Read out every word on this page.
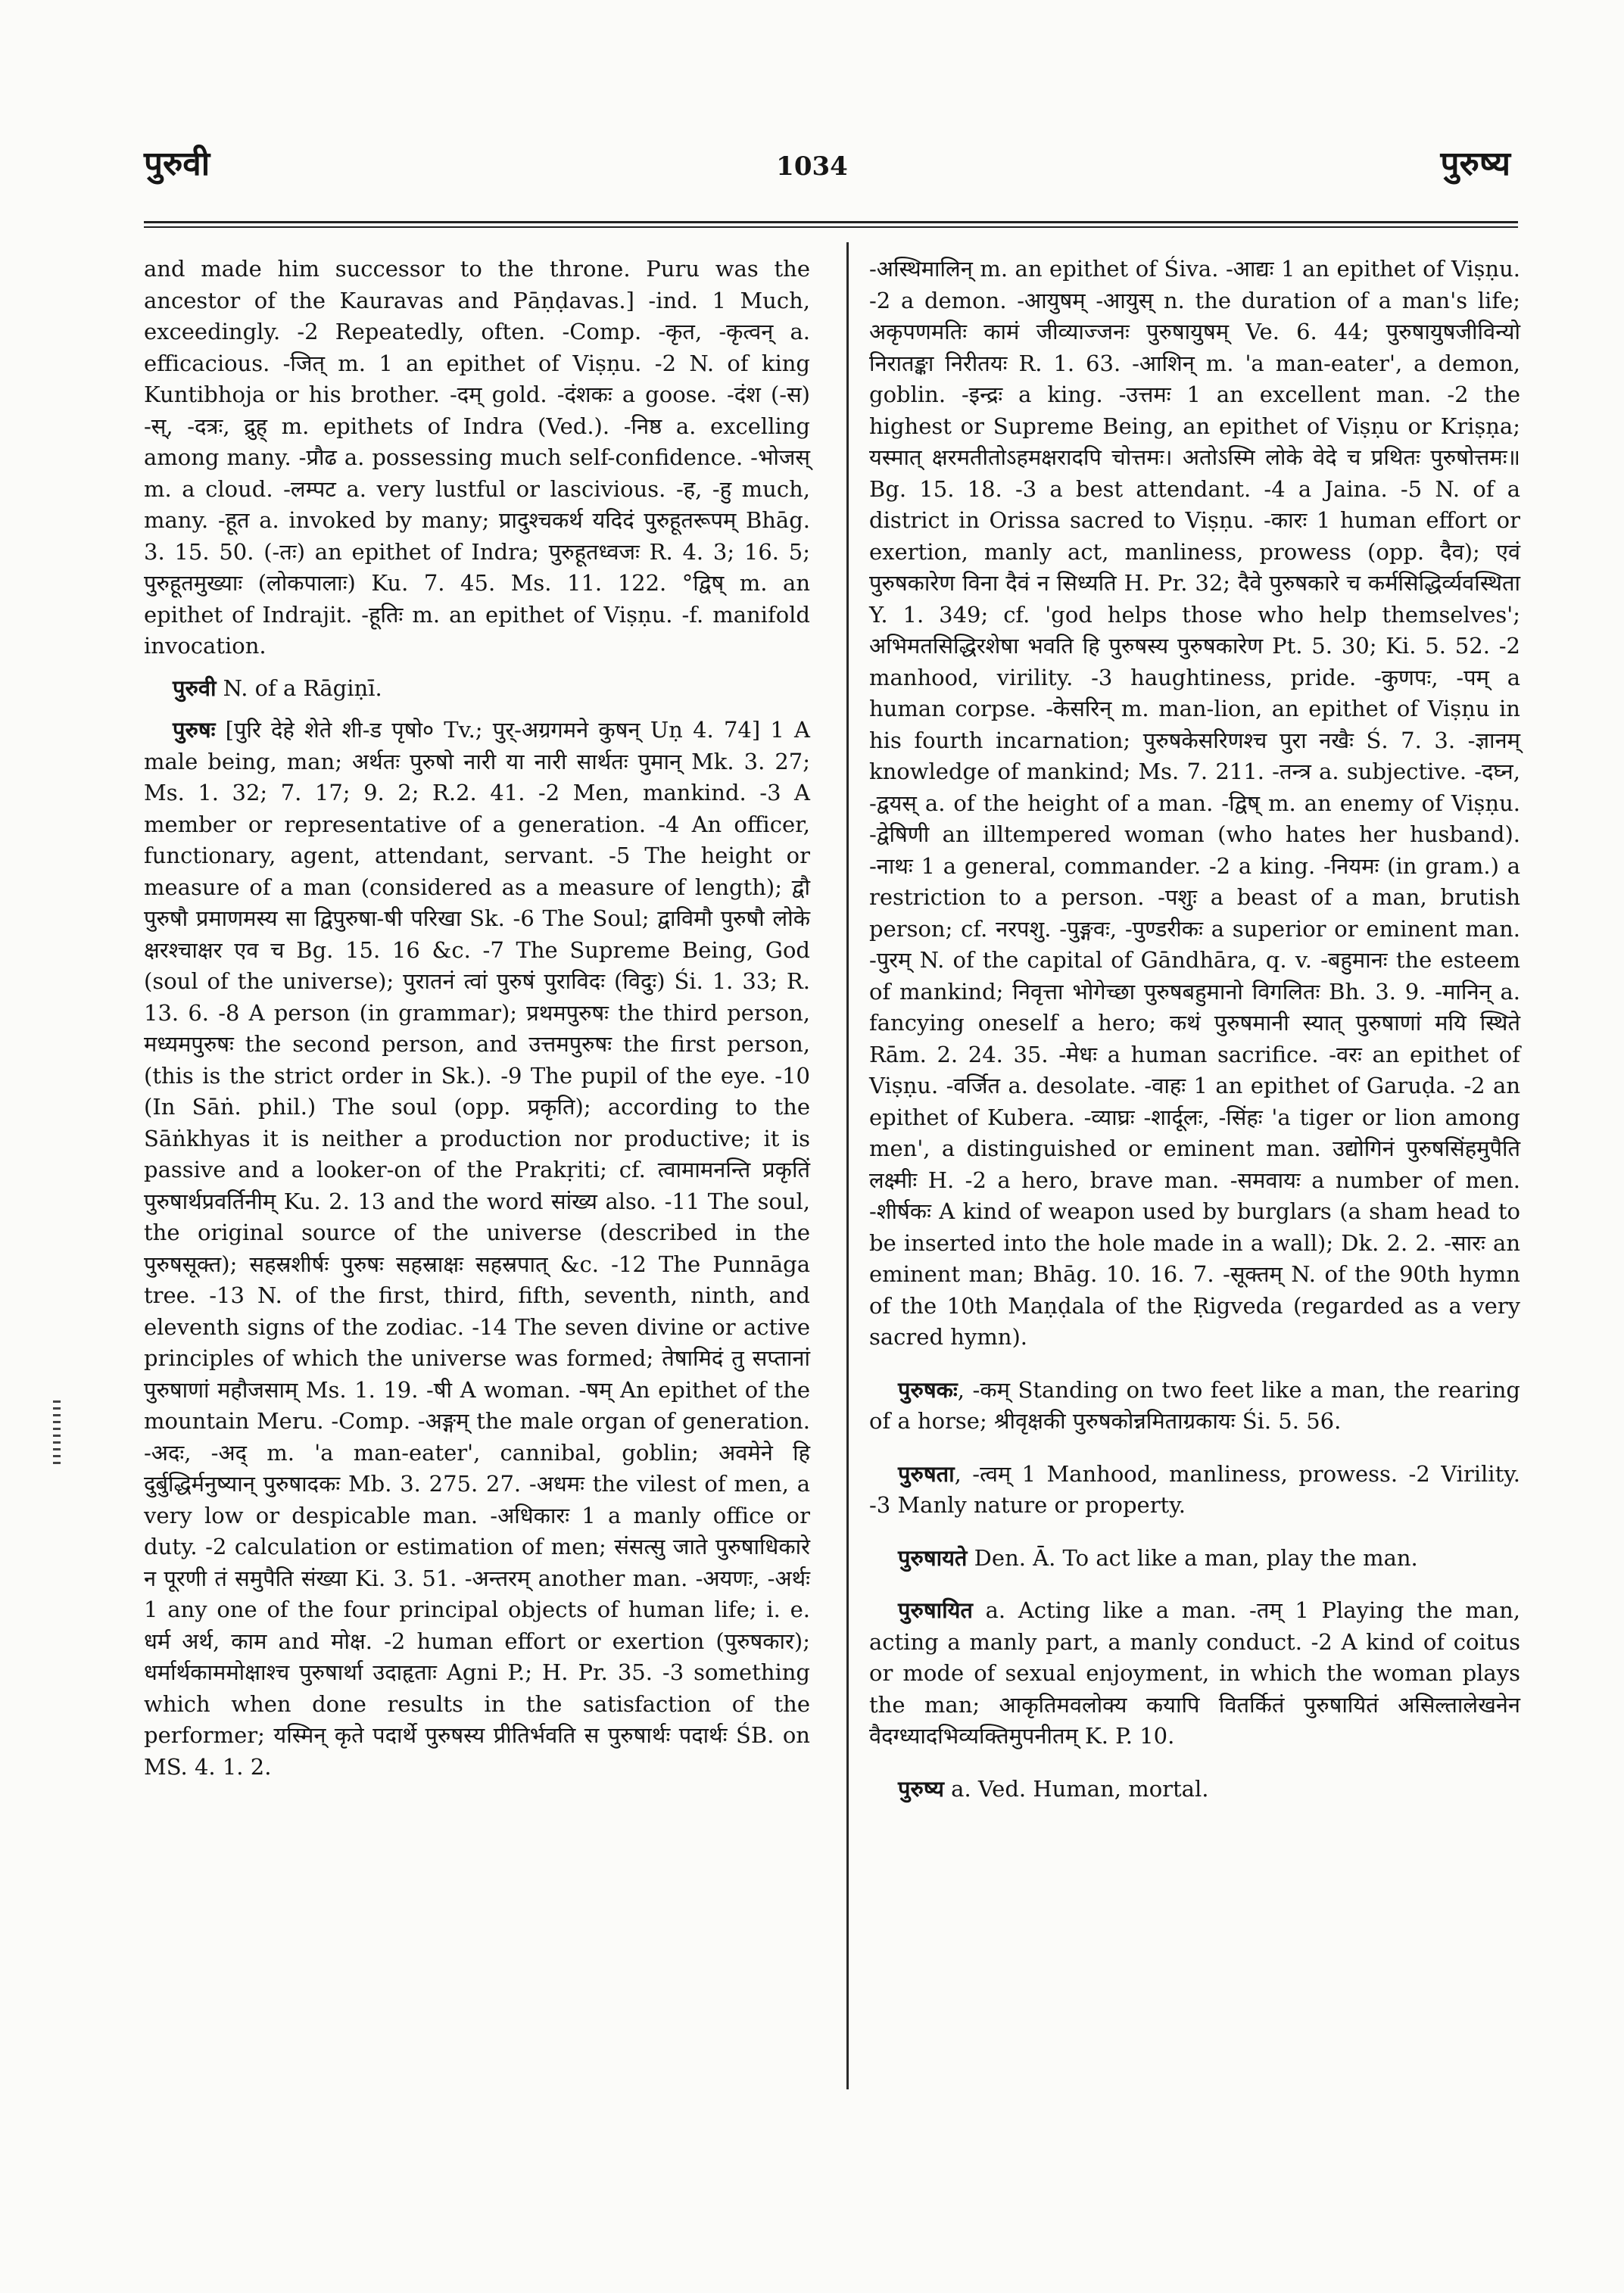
पुरुवी	1034	पुरुष्य

and made him successor to the throne. Puru was the ancestor of the Kauravas and Pāṇḍavas.] -ind. 1 Much, exceedingly. -2 Repeatedly, often. -Comp. -कृत, -कृत्वन् a. efficacious. -जित् m. 1 an epithet of Viṣṇu. -2 N. of king Kuntibhoja or his brother. -दम् gold. -दंशकः a goose. -दंश (-स) -स्, -दत्रः, द्रुह् m. epithets of Indra (Ved.). -निष्ठ a. excelling among many. -प्रौढ a. possessing much self-confidence. -भोजस् m. a cloud. -लम्पट a. very lustful or lascivious. -ह, -हु much, many. -हूत a. invoked by many; प्रादुश्चकर्थ यदिदं पुरुहूतरूपम् Bhāg. 3. 15. 50. (-तः) an epithet of Indra; पुरुहूतध्वजः R. 4. 3; 16. 5; पुरुहूतमुख्याः (लोकपालाः) Ku. 7. 45. Ms. 11. 122. °द्विष् m. an epithet of Indrajit. -हूतिः m. an epithet of Viṣṇu. -f. manifold invocation.

पुरुवी N. of a Rāgiṇī.

पुरुषः [पुरि देहे शेते शी-ड पृषो० Tv.; पुर्-अग्रगमने कुषन् Uṇ 4. 74] 1 A male being, man; अर्थतः पुरुषो नारी या नारी सार्थतः पुमान् Mk. 3. 27; Ms. 1. 32; 7. 17; 9. 2; R.2. 41. -2 Men, mankind. -3 A member or representative of a generation. -4 An officer, functionary, agent, attendant, servant. -5 The height or measure of a man (considered as a measure of length); द्वौ पुरुषौ प्रमाणमस्य सा द्विपुरुषा-षी परिखा Sk. -6 The Soul; द्वाविमौ पुरुषौ लोके क्षरश्चाक्षर एव च Bg. 15. 16 &c. -7 The Supreme Being, God (soul of the universe); पुरातनं त्वां पुरुषं पुराविदः (विदुः) Śi. 1. 33; R. 13. 6. -8 A person (in grammar); प्रथमपुरुषः the third person, मध्यमपुरुषः the second person, and उत्तमपुरुषः the first person, (this is the strict order in Sk.). -9 The pupil of the eye. -10 (In Sāṅ. phil.) The soul (opp. प्रकृति); according to the Sāṅkhyas it is neither a production nor productive; it is passive and a looker-on of the Prakṛiti; cf. त्वामामनन्ति प्रकृतिं पुरुषार्थप्रवर्तिनीम् Ku. 2. 13 and the word सांख्य also. -11 The soul, the original source of the universe (described in the पुरुषसूक्त); सहस्रशीर्षः पुरुषः सहस्राक्षः सहस्रपात् &c. -12 The Punnāga tree. -13 N. of the first, third, fifth, seventh, ninth, and eleventh signs of the zodiac. -14 The seven divine or active principles of which the universe was formed; तेषामिदं तु सप्तानां पुरुषाणां महौजसाम् Ms. 1. 19. -षी A woman. -षम् An epithet of the mountain Meru. -Comp. -अङ्गम् the male organ of generation. -अदः, -अद् m. 'a man-eater', cannibal, goblin; अवमेने हि दुर्बुद्धिर्मनुष्यान् पुरुषादकः Mb. 3. 275. 27. -अधमः the vilest of men, a very low or despicable man. -अधिकारः 1 a manly office or duty. -2 calculation or estimation of men; संसत्सु जाते पुरुषाधिकारे न पूरणी तं समुपैति संख्या Ki. 3. 51. -अन्तरम् another man. -अयणः, -अर्थः 1 any one of the four principal objects of human life; i. e. धर्म अर्थ, काम and मोक्ष. -2 human effort or exertion (पुरुषकार); धर्मार्थकाममोक्षाश्च पुरुषार्था उदाहृताः Agni P.; H. Pr. 35. -3 something which when done results in the satisfaction of the performer; यस्मिन् कृते पदार्थे पुरुषस्य प्रीतिर्भवति स पुरुषार्थः पदार्थः ŚB. on MS. 4. 1. 2.

-अस्थिमालिन् m. an epithet of Śiva. -आद्यः 1 an epithet of Viṣṇu. -2 a demon. -आयुषम् -आयुस् n. the duration of a man's life; अकृपणमतिः कामं जीव्याज्जनः पुरुषायुषम् Ve. 6. 44; पुरुषायुषजीविन्यो निरातङ्का निरीतयः R. 1. 63. -आशिन् m. 'a man-eater', a demon, goblin. -इन्द्रः a king. -उत्तमः 1 an excellent man. -2 the highest or Supreme Being, an epithet of Viṣṇu or Kriṣṇa; यस्मात् क्षरमतीतोऽहमक्षरादपि चोत्तमः। अतोऽस्मि लोके वेदे च प्रथितः पुरुषोत्तमः॥ Bg. 15. 18. -3 a best attendant. -4 a Jaina. -5 N. of a district in Orissa sacred to Viṣṇu. -कारः 1 human effort or exertion, manly act, manliness, prowess (opp. दैव); एवं पुरुषकारेण विना दैवं न सिध्यति H. Pr. 32; दैवे पुरुषकारे च कर्मसिद्धिर्व्यवस्थिता Y. 1. 349; cf. 'god helps those who help themselves'; अभिमतसिद्धिरशेषा भवति हि पुरुषस्य पुरुषकारेण Pt. 5. 30; Ki. 5. 52. -2 manhood, virility. -3 haughtiness, pride. -कुणपः, -पम् a human corpse. -केसरिन् m. man-lion, an epithet of Viṣṇu in his fourth incarnation; पुरुषकेसरिणश्च पुरा नखैः Ś. 7. 3. -ज्ञानम् knowledge of mankind; Ms. 7. 211. -तन्त्र a. subjective. -दघ्न, -द्वयस् a. of the height of a man. -द्विष् m. an enemy of Viṣṇu. -द्वेषिणी an illtempered woman (who hates her husband). -नाथः 1 a general, commander. -2 a king. -नियमः (in gram.) a restriction to a person. -पशुः a beast of a man, brutish person; cf. नरपशु. -पुङ्गवः, -पुण्डरीकः a superior or eminent man. -पुरम् N. of the capital of Gāndhāra, q. v. -बहुमानः the esteem of mankind; निवृत्ता भोगेच्छा पुरुषबहुमानो विगलितः Bh. 3. 9. -मानिन् a. fancying oneself a hero; कथं पुरुषमानी स्यात् पुरुषाणां मयि स्थिते Rām. 2. 24. 35. -मेधः a human sacrifice. -वरः an epithet of Viṣṇu. -वर्जित a. desolate. -वाहः 1 an epithet of Garuḍa. -2 an epithet of Kubera. -व्याघ्रः -शार्दूलः, -सिंहः 'a tiger or lion among men', a distinguished or eminent man. उद्योगिनं पुरुषसिंहमुपैति लक्ष्मीः H. -2 a hero, brave man. -समवायः a number of men. -शीर्षकः A kind of weapon used by burglars (a sham head to be inserted into the hole made in a wall); Dk. 2. 2. -सारः an eminent man; Bhāg. 10. 16. 7. -सूक्तम् N. of the 90th hymn of the 10th Maṇḍala of the Ṛigveda (regarded as a very sacred hymn).

पुरुषकः, -कम् Standing on two feet like a man, the rearing of a horse; श्रीवृक्षकी पुरुषकोन्नमिताग्रकायः Śi. 5. 56.

पुरुषता, -त्वम् 1 Manhood, manliness, prowess. -2 Virility. -3 Manly nature or property.

पुरुषायते Den. Ā. To act like a man, play the man.

पुरुषायित a. Acting like a man. -तम् 1 Playing the man, acting a manly part, a manly conduct. -2 A kind of coitus or mode of sexual enjoyment, in which the woman plays the man; आकृतिमवलोक्य कयापि वितर्कितं पुरुषायितं असिल्तालेखनेन वैदग्ध्यादभिव्यक्तिमुपनीतम् K. P. 10.

पुरुष्य a. Ved. Human, mortal.
